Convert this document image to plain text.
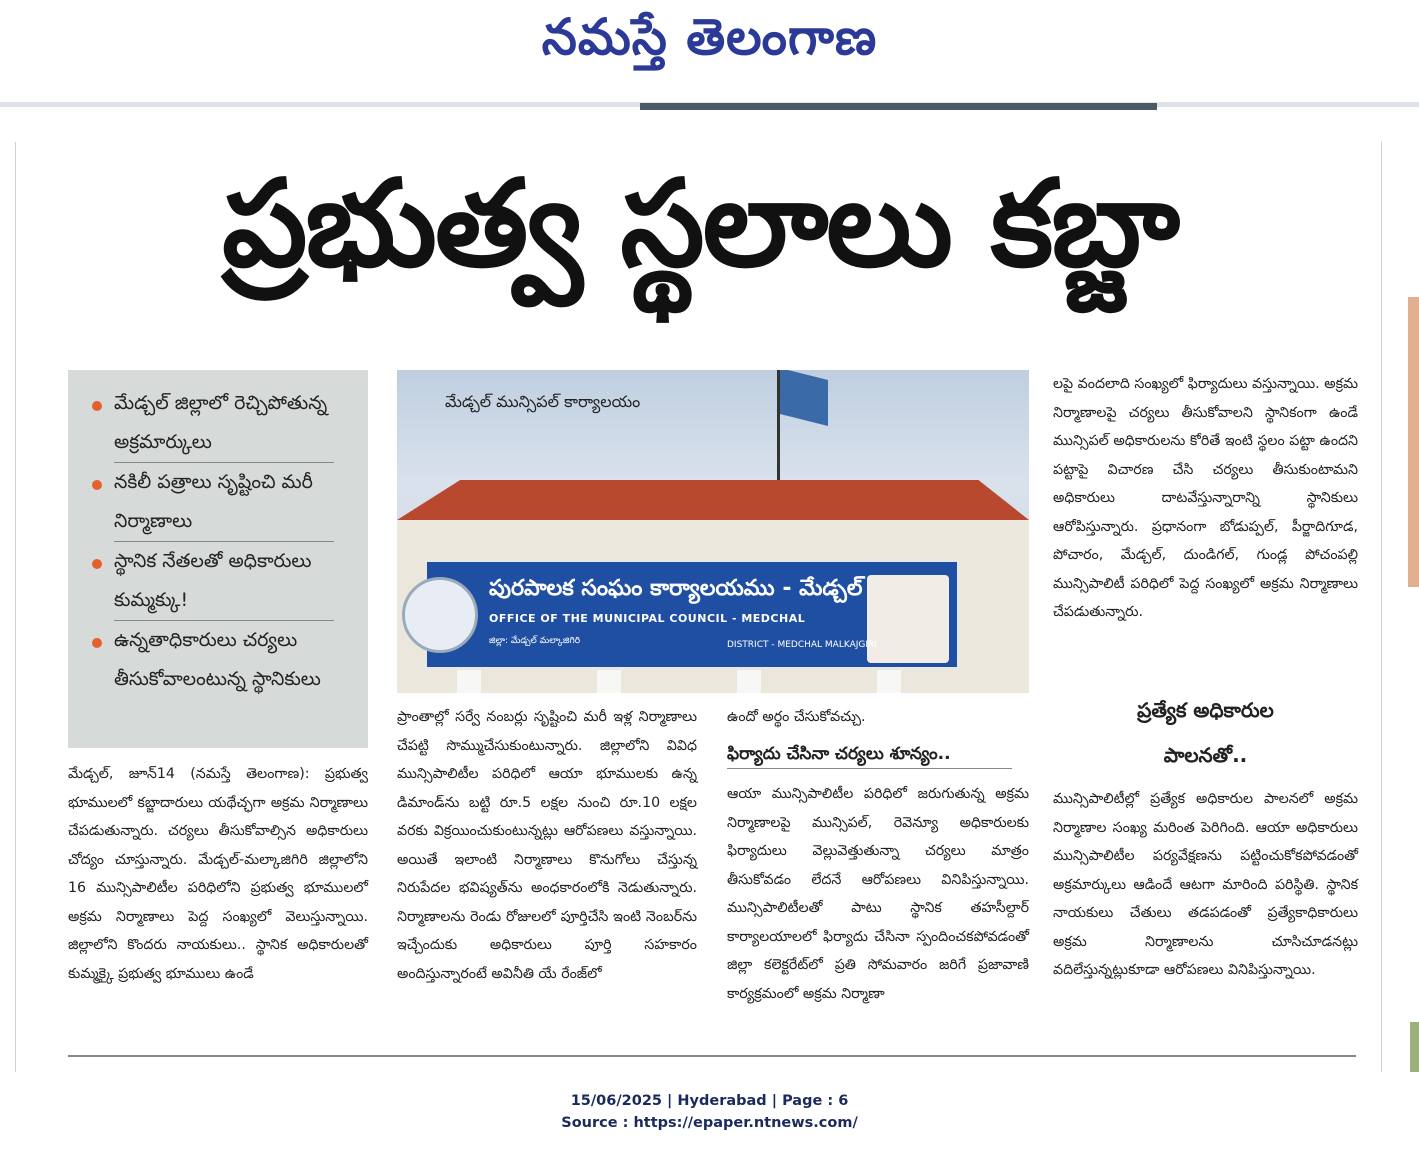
నమస్తే తెలంగాణ
ప్రభుత్వ స్థలాలు కబ్జా
మేడ్చల్ జిల్లాలో రెచ్చిపోతున్న అక్రమార్కులు
నకిలీ పత్రాలు సృష్టించి మరీ నిర్మాణాలు
స్థానిక నేతలతో అధికారులు కుమ్మక్కు!
ఉన్నతాధికారులు చర్యలు తీసుకోవాలంటున్న స్థానికులు
మేడ్చల్ మున్సిపల్ కార్యాలయం
పురపాలక సంఘం కార్యాలయము - మేడ్చల్
OFFICE OF THE MUNICIPAL COUNCIL - MEDCHAL
జిల్లా: మేడ్చల్ మల్కాజిగిరి	DISTRICT - MEDCHAL MALKAJGIRI

మేడ్చల్, జూన్14 (నమస్తే తెలంగాణ): ప్రభుత్వ భూములలో కబ్జాదారులు యథేచ్ఛగా అక్రమ నిర్మాణాలు చేపడుతున్నారు. చర్యలు తీసుకోవాల్సిన అధికారులు చోద్యం చూస్తున్నారు. మేడ్చల్-మల్కాజిగిరి జిల్లాలోని 16 మున్సిపాలిటీల పరిధిలోని ప్రభుత్వ భూములలో అక్రమ నిర్మాణాలు పెద్ద సంఖ్యలో వెలుస్తున్నాయి. జిల్లాలోని కొందరు నాయకులు.. స్థానిక అధికారులతో కుమ్మక్కై ప్రభుత్వ భూములు ఉండే

ప్రాంతాల్లో సర్వే నంబర్లు సృష్టించి మరీ ఇళ్ల నిర్మాణాలు చేపట్టి సొమ్ముచేసుకుంటున్నారు. జిల్లాలోని వివిధ మున్సిపాలిటీల పరిధిలో ఆయా భూములకు ఉన్న డిమాండ్‌ను బట్టి రూ.5 లక్షల నుంచి రూ.10 లక్షల వరకు విక్రయించుకుంటున్నట్లు ఆరోపణలు వస్తున్నాయి. అయితే ఇలాంటి నిర్మాణాలు కొనుగోలు చేస్తున్న నిరుపేదల భవిష్యత్‌ను అంధకారంలోకి నెడుతున్నారు. నిర్మాణాలను రెండు రోజులలో పూర్తిచేసి ఇంటి నెంబర్‌ను ఇచ్చేందుకు అధికారులు పూర్తి సహకారం అందిస్తున్నారంటే అవినీతి యే రేంజ్‌లో

ఉందో అర్థం చేసుకోవచ్చు.

ఫిర్యాదు చేసినా చర్యలు శూన్యం..

ఆయా మున్సిపాలిటీల పరిధిలో జరుగుతున్న అక్రమ నిర్మాణాలపై మున్సిపల్, రెవెన్యూ అధికారులకు ఫిర్యాదులు వెల్లువెత్తుతున్నా చర్యలు మాత్రం తీసుకోవడం లేదనే ఆరోపణలు వినిపిస్తున్నాయి. మున్సిపాలిటీలతో పాటు స్థానిక తహసీల్దార్ కార్యాలయాలలో ఫిర్యాదు చేసినా స్పందించకపోవడంతో జిల్లా కలెక్టరేట్‌లో ప్రతి సోమవారం జరిగే ప్రజావాణి కార్యక్రమంలో అక్రమ నిర్మాణా

లపై వందలాది సంఖ్యలో ఫిర్యాదులు వస్తున్నాయి. అక్రమ నిర్మాణాలపై చర్యలు తీసుకోవాలని స్థానికంగా ఉండే మున్సిపల్ అధికారులను కోరితే ఇంటి స్థలం పట్టా ఉందని పట్టాపై విచారణ చేసి చర్యలు తీసుకుంటామని అధికారులు దాటవేస్తున్నారాన్ని స్థానికులు ఆరోపిస్తున్నారు. ప్రధానంగా బోడుప్పల్, పీర్జాదిగూడ, పోచారం, మేడ్చల్, దుండిగల్, గుండ్ల పోచంపల్లి మున్సిపాలిటీ పరిధిలో పెద్ద సంఖ్యలో అక్రమ నిర్మాణాలు చేపడుతున్నారు.

ప్రత్యేక అధికారుల
పాలనతో..

మున్సిపాలిటీల్లో ప్రత్యేక అధికారుల పాలనలో అక్రమ నిర్మాణాల సంఖ్య మరింత పెరిగింది. ఆయా అధికారులు మున్సిపాలిటీల పర్యవేక్షణను పట్టించుకోకపోవడంతో అక్రమార్కులు ఆడిందే ఆటగా మారింది పరిస్థితి. స్థానిక నాయకులు చేతులు తడపడంతో ప్రత్యేకాధికారులు అక్రమ నిర్మాణాలను చూసిచూడనట్లు వదిలేస్తున్నట్లుకూడా ఆరోపణలు వినిపిస్తున్నాయి.

15/06/2025 | Hyderabad | Page : 6
Source : https://epaper.ntnews.com/
